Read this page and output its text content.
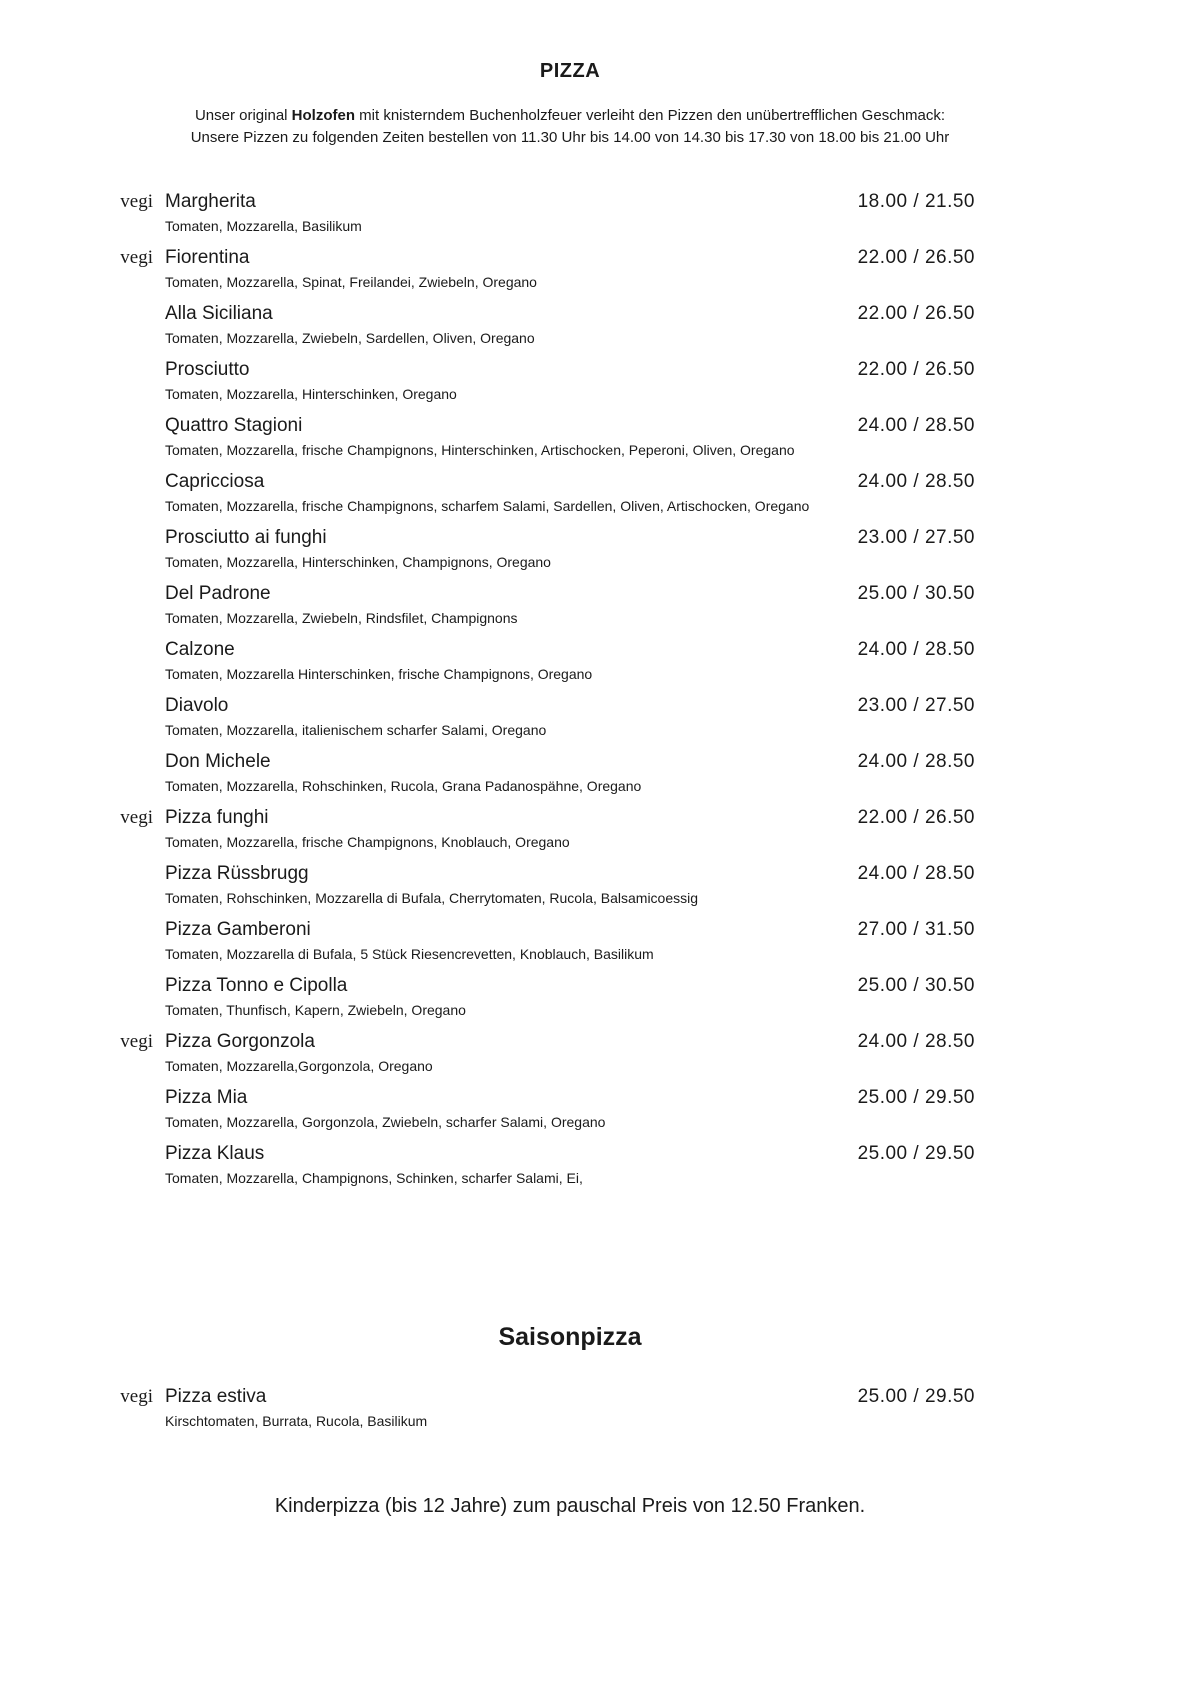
PIZZA
Unser original Holzofen mit knisterndem Buchenholzfeuer verleiht den Pizzen den unübertrefflichen Geschmack:
Unsere Pizzen zu folgenden Zeiten bestellen von 11.30 Uhr bis 14.00 von 14.30 bis 17.30 von 18.00 bis 21.00 Uhr
vegi Margherita	18.00 / 21.50
Tomaten, Mozzarella, Basilikum
vegi Fiorentina	22.00 / 26.50
Tomaten, Mozzarella, Spinat, Freilandei, Zwiebeln, Oregano
Alla Siciliana	22.00 / 26.50
Tomaten, Mozzarella, Zwiebeln, Sardellen, Oliven, Oregano
Prosciutto	22.00 / 26.50
Tomaten, Mozzarella, Hinterschinken, Oregano
Quattro Stagioni	24.00 / 28.50
Tomaten, Mozzarella, frische Champignons, Hinterschinken, Artischocken, Peperoni, Oliven, Oregano
Capricciosa	24.00 / 28.50
Tomaten, Mozzarella, frische Champignons, scharfem Salami, Sardellen, Oliven, Artischocken, Oregano
Prosciutto ai funghi	23.00 / 27.50
Tomaten, Mozzarella, Hinterschinken, Champignons, Oregano
Del Padrone	25.00 / 30.50
Tomaten, Mozzarella, Zwiebeln, Rindsfilet, Champignons
Calzone	24.00 / 28.50
Tomaten, Mozzarella Hinterschinken, frische Champignons, Oregano
Diavolo	23.00 / 27.50
Tomaten, Mozzarella, italienischem scharfer Salami, Oregano
Don Michele	24.00 / 28.50
Tomaten, Mozzarella, Rohschinken, Rucola, Grana Padanospähne, Oregano
vegi Pizza funghi	22.00 / 26.50
Tomaten, Mozzarella, frische Champignons, Knoblauch, Oregano
Pizza Rüssbrugg	24.00 / 28.50
Tomaten, Rohschinken, Mozzarella di Bufala, Cherrytomaten, Rucola, Balsamicoessig
Pizza Gamberoni	27.00 / 31.50
Tomaten, Mozzarella di Bufala, 5 Stück Riesencrevetten, Knoblauch, Basilikum
Pizza Tonno e Cipolla	25.00 / 30.50
Tomaten, Thunfisch, Kapern, Zwiebeln, Oregano
vegi Pizza Gorgonzola	24.00 / 28.50
Tomaten, Mozzarella,Gorgonzola, Oregano
Pizza Mia	25.00 / 29.50
Tomaten, Mozzarella, Gorgonzola, Zwiebeln, scharfer Salami, Oregano
Pizza Klaus	25.00 / 29.50
Tomaten, Mozzarella, Champignons, Schinken, scharfer Salami, Ei,
Saisonpizza
vegi Pizza estiva	25.00 / 29.50
Kirschtomaten, Burrata, Rucola, Basilikum
Kinderpizza (bis 12 Jahre) zum pauschal Preis von 12.50 Franken.
